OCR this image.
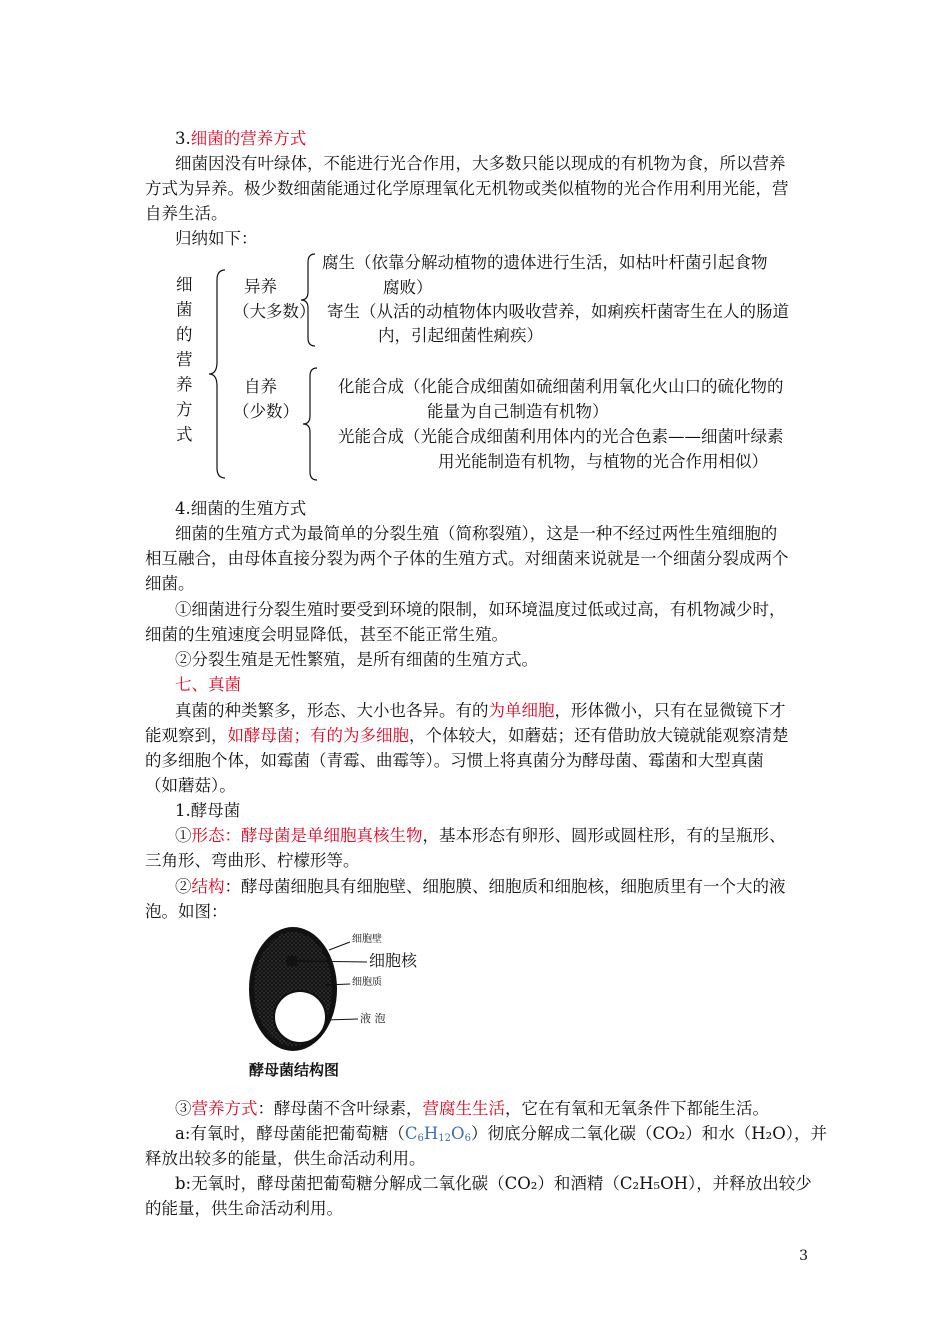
3.细菌的营养方式
细菌因没有叶绿体，不能进行光合作用，大多数只能以现成的有机物为食，所以营养
方式为异养。极少数细菌能通过化学原理氧化无机物或类似植物的光合作用利用光能，营
自养生活。
归纳如下：
细
菌
的
营
养
方
式
异养
（大多数）
腐生（依靠分解动植物的遗体进行生活，如枯叶杆菌引起食物
腐败）
寄生（从活的动植物体内吸收营养，如痢疾杆菌寄生在人的肠道
内，引起细菌性痢疾）
自养
（少数）
化能合成（化能合成细菌如硫细菌利用氧化火山口的硫化物的
能量为自己制造有机物）
光能合成（光能合成细菌利用体内的光合色素——细菌叶绿素
用光能制造有机物，与植物的光合作用相似）
4.细菌的生殖方式
细菌的生殖方式为最简单的分裂生殖（简称裂殖），这是一种不经过两性生殖细胞的
相互融合，由母体直接分裂为两个子体的生殖方式。对细菌来说就是一个细菌分裂成两个
细菌。
①细菌进行分裂生殖时要受到环境的限制，如环境温度过低或过高，有机物减少时，
细菌的生殖速度会明显降低，甚至不能正常生殖。
②分裂生殖是无性繁殖，是所有细菌的生殖方式。
七、真菌
真菌的种类繁多，形态、大小也各异。有的为单细胞，形体微小，只有在显微镜下才
能观察到，如酵母菌；有的为多细胞，个体较大，如蘑菇；还有借助放大镜就能观察清楚
的多细胞个体，如霉菌（青霉、曲霉等）。习惯上将真菌分为酵母菌、霉菌和大型真菌
（如蘑菇）。
1.酵母菌
①形态：酵母菌是单细胞真核生物，基本形态有卵形、圆形或圆柱形，有的呈瓶形、
三角形、弯曲形、柠檬形等。
②结构：酵母菌细胞具有细胞壁、细胞膜、细胞质和细胞核，细胞质里有一个大的液
泡。如图：
细胞壁
细胞核
细胞质
液 泡
酵母菌结构图
③营养方式：酵母菌不含叶绿素，营腐生生活，它在有氧和无氧条件下都能生活。
a:有氧时，酵母菌能把葡萄糖$(C_6H_{12}O_6)$彻底分解成二氧化碳（CO₂）和水（H₂O），并
释放出较多的能量，供生命活动利用。
b:无氧时，酵母菌把葡萄糖分解成二氧化碳（CO₂）和酒精（C₂H₅OH），并释放出较少
的能量，供生命活动利用。
3
